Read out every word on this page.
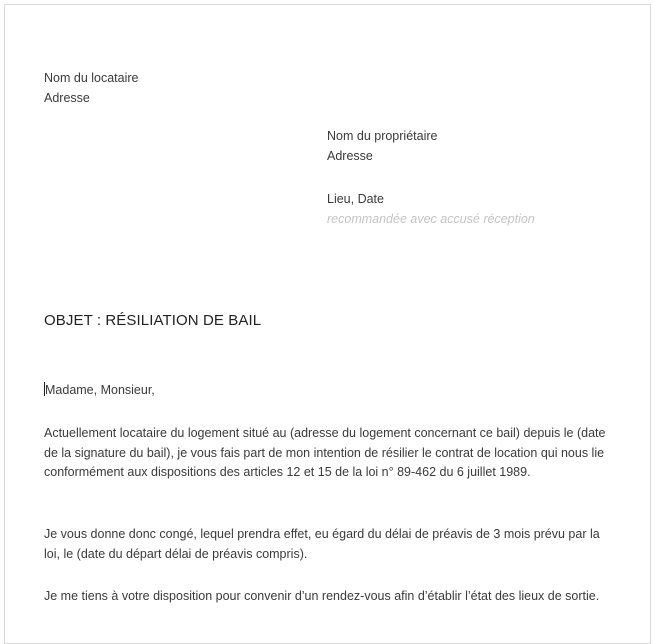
Nom du locataire
Adresse
Nom du propriétaire
Adresse
Lieu, Date
recommandée avec accusé réception
OBJET : RÉSILIATION DE BAIL
Madame, Monsieur,
Actuellement locataire du logement situé au (adresse du logement concernant ce bail) depuis le (date de la signature du bail), je vous fais part de mon intention de résilier le contrat de location qui nous lie conformément aux dispositions des articles 12 et 15 de la loi n° 89-462 du 6 juillet 1989.
Je vous donne donc congé, lequel prendra effet, eu égard du délai de préavis de 3 mois prévu par la loi, le (date du départ délai de préavis compris).
Je me tiens à votre disposition pour convenir d’un rendez-vous afin d’établir l’état des lieux de sortie.
